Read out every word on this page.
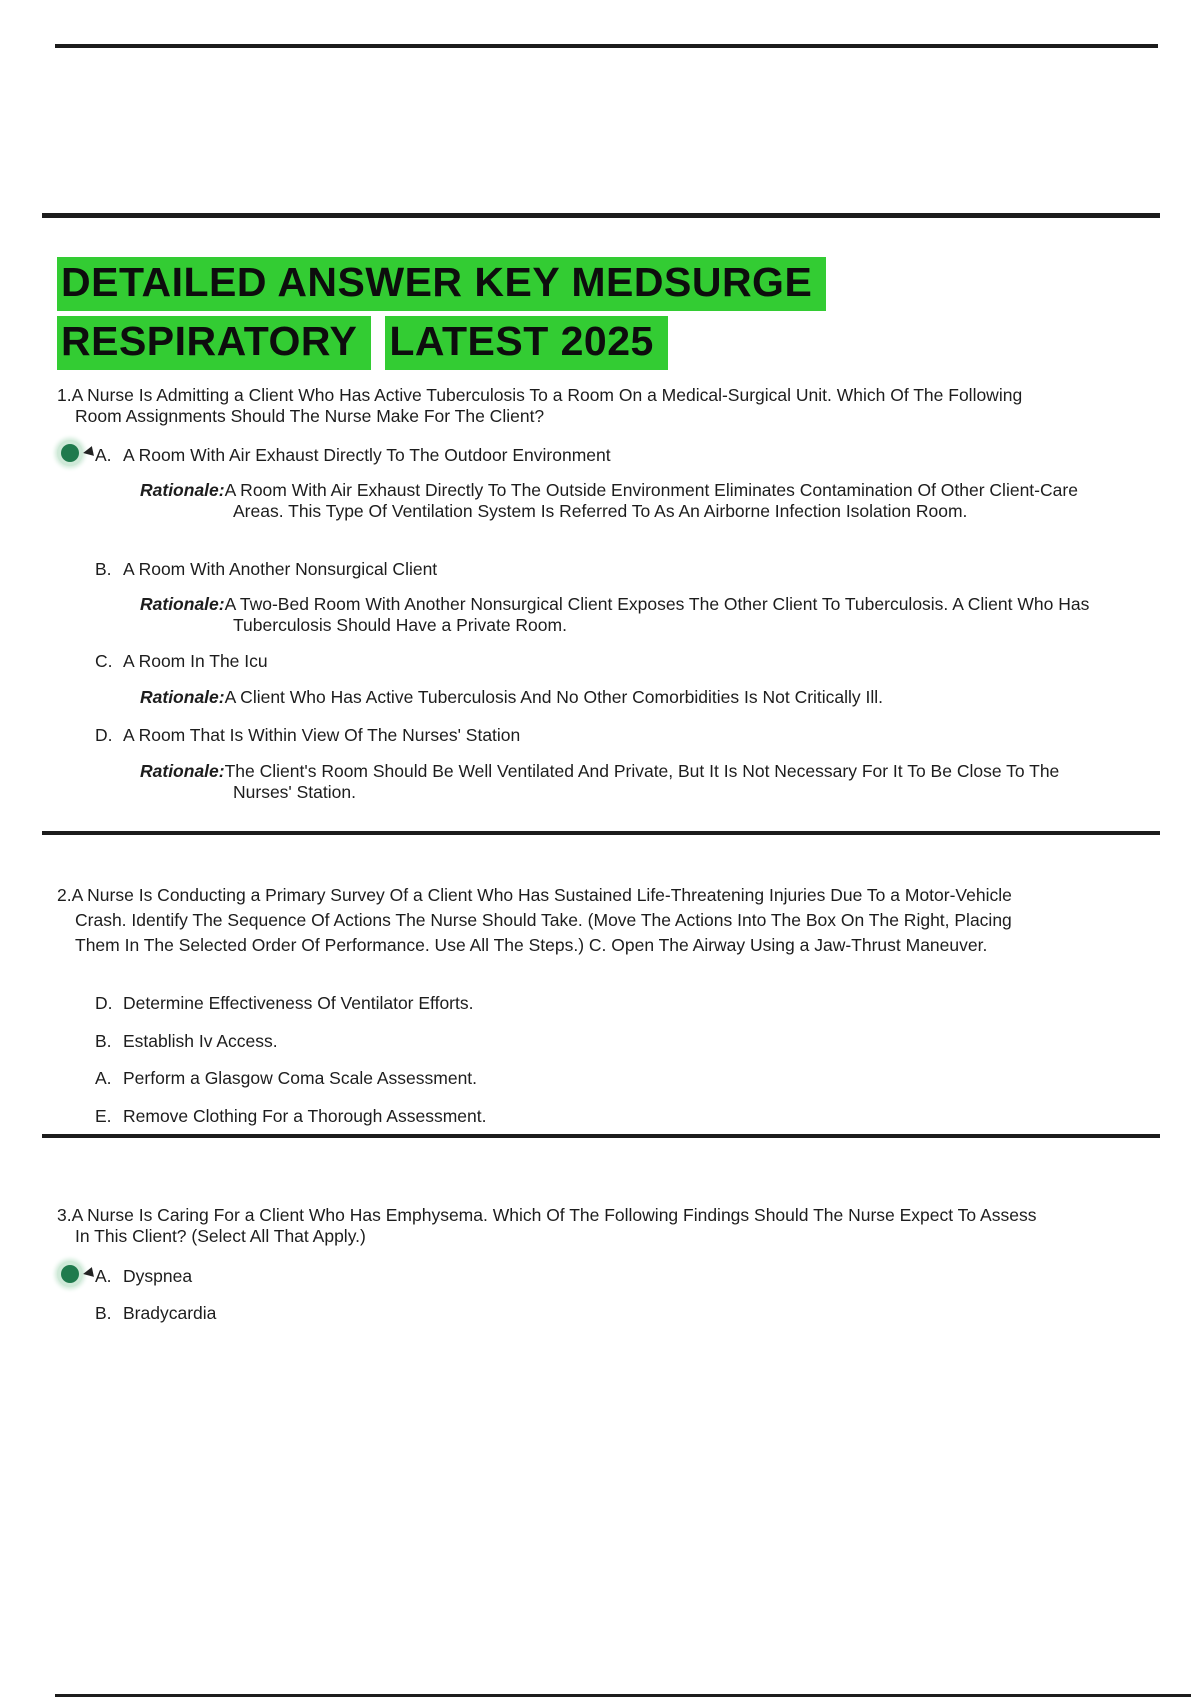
DETAILED ANSWER KEY MEDSURGE
RESPIRATORY LATEST 2025

1.A Nurse Is Admitting a Client Who Has Active Tuberculosis To a Room On a Medical-Surgical Unit. Which Of The Following Room Assignments Should The Nurse Make For The Client?

A. A Room With Air Exhaust Directly To The Outdoor Environment

Rationale:A Room With Air Exhaust Directly To The Outside Environment Eliminates Contamination Of Other Client-Care Areas. This Type Of Ventilation System Is Referred To As An Airborne Infection Isolation Room.

B. A Room With Another Nonsurgical Client

Rationale:A Two-Bed Room With Another Nonsurgical Client Exposes The Other Client To Tuberculosis. A Client Who Has Tuberculosis Should Have a Private Room.

C. A Room In The Icu

Rationale:A Client Who Has Active Tuberculosis And No Other Comorbidities Is Not Critically Ill.

D. A Room That Is Within View Of The Nurses' Station

Rationale:The Client's Room Should Be Well Ventilated And Private, But It Is Not Necessary For It To Be Close To The Nurses' Station.

2.A Nurse Is Conducting a Primary Survey Of a Client Who Has Sustained Life-Threatening Injuries Due To a Motor-Vehicle Crash. Identify The Sequence Of Actions The Nurse Should Take. (Move The Actions Into The Box On The Right, Placing Them In The Selected Order Of Performance. Use All The Steps.) C. Open The Airway Using a Jaw-Thrust Maneuver.

D. Determine Effectiveness Of Ventilator Efforts.
B. Establish Iv Access.
A. Perform a Glasgow Coma Scale Assessment.
E. Remove Clothing For a Thorough Assessment.

3.A Nurse Is Caring For a Client Who Has Emphysema. Which Of The Following Findings Should The Nurse Expect To Assess In This Client? (Select All That Apply.)

A. Dyspnea
B. Bradycardia
